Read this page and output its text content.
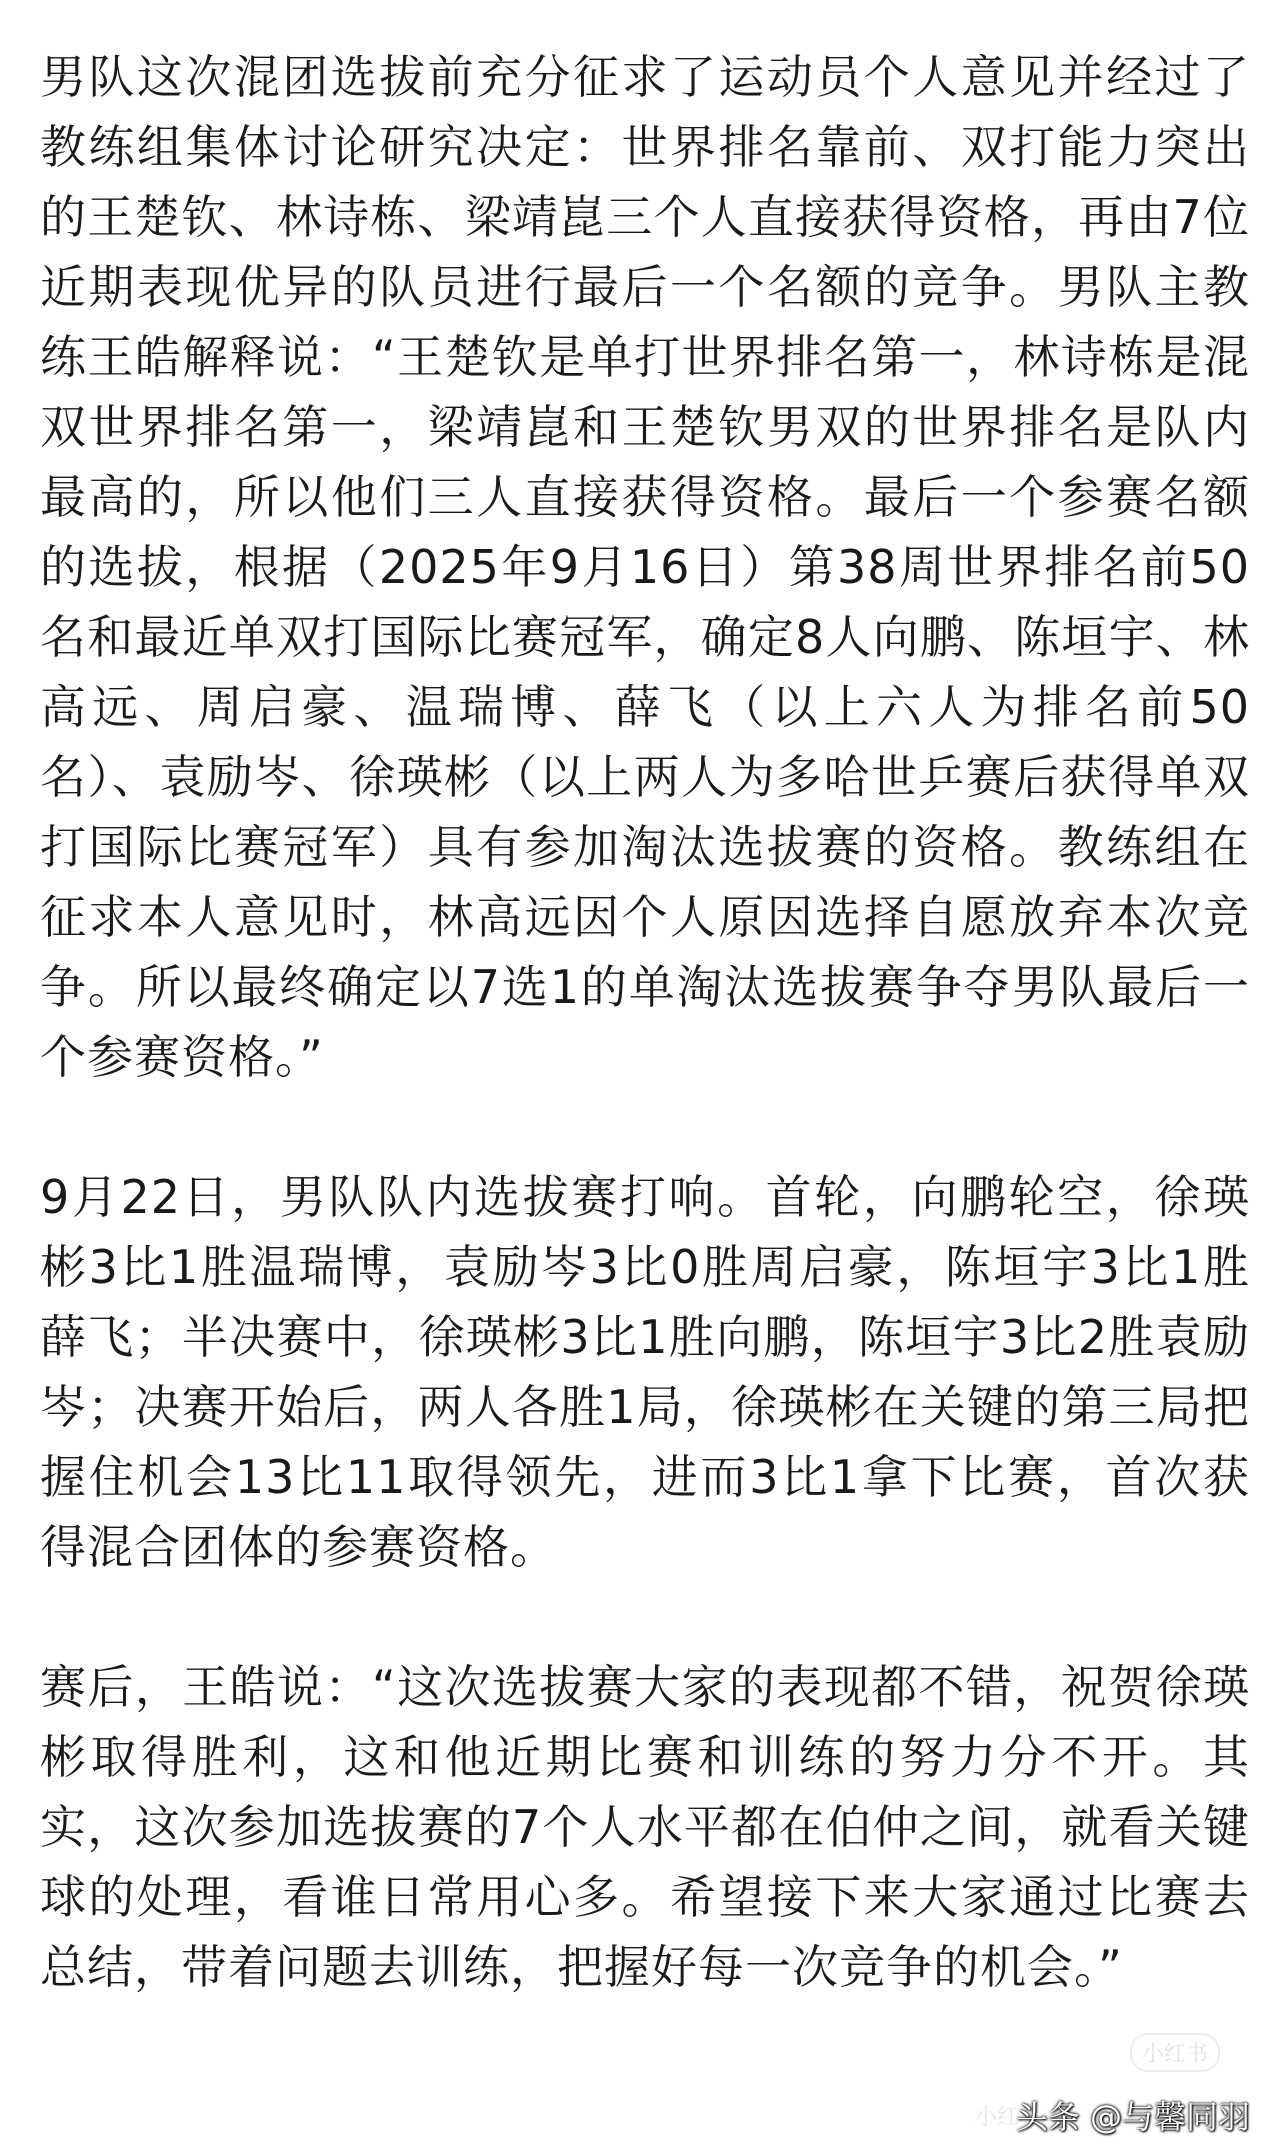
男队这次混团选拔前充分征求了运动员个人意见并经过了教练组集体讨论研究决定：世界排名靠前、双打能力突出的王楚钦、林诗栋、梁靖崑三个人直接获得资格，再由7位近期表现优异的队员进行最后一个名额的竞争。男队主教练王皓解释说：“王楚钦是单打世界排名第一，林诗栋是混双世界排名第一，梁靖崑和王楚钦男双的世界排名是队内最高的，所以他们三人直接获得资格。最后一个参赛名额的选拔，根据（2025年9月16日）第38周世界排名前50名和最近单双打国际比赛冠军，确定8人向鹏、陈垣宇、林高远、周启豪、温瑞博、薛飞（以上六人为排名前50名）、袁励岑、徐瑛彬（以上两人为多哈世乒赛后获得单双打国际比赛冠军）具有参加淘汰选拔赛的资格。教练组在征求本人意见时，林高远因个人原因选择自愿放弃本次竞争。所以最终确定以7选1的单淘汰选拔赛争夺男队最后一个参赛资格。”

9月22日，男队队内选拔赛打响。首轮，向鹏轮空，徐瑛彬3比1胜温瑞博，袁励岑3比0胜周启豪，陈垣宇3比1胜薛飞；半决赛中，徐瑛彬3比1胜向鹏，陈垣宇3比2胜袁励岑；决赛开始后，两人各胜1局，徐瑛彬在关键的第三局把握住机会13比11取得领先，进而3比1拿下比赛，首次获得混合团体的参赛资格。

赛后，王皓说：“这次选拔赛大家的表现都不错，祝贺徐瑛彬取得胜利，这和他近期比赛和训练的努力分不开。其实，这次参加选拔赛的7个人水平都在伯仲之间，就看关键球的处理，看谁日常用心多。希望接下来大家通过比赛去总结，带着问题去训练，把握好每一次竞争的机会。”

小红书
小红
头条 @与馨同羽
